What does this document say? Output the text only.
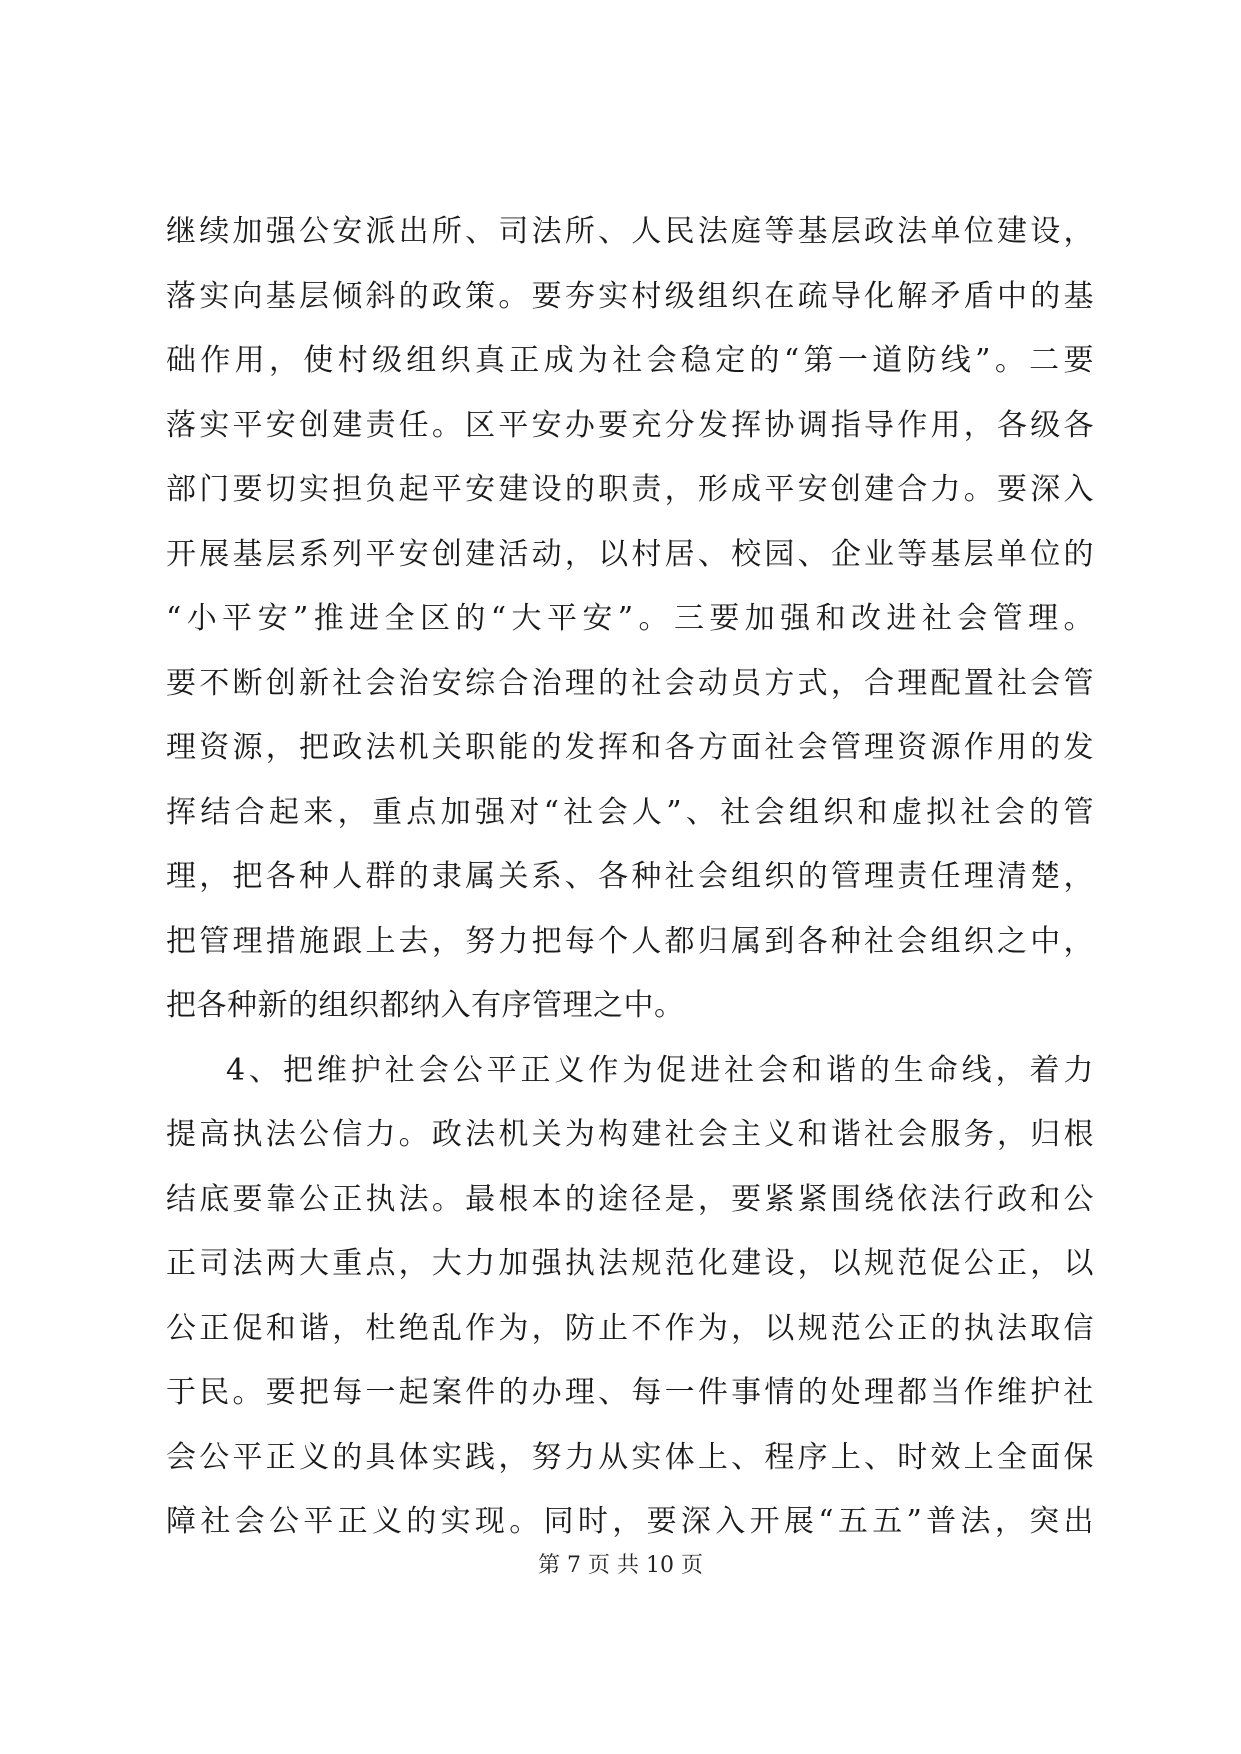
继续加强公安派出所、司法所、人民法庭等基层政法单位建设，
落实向基层倾斜的政策。要夯实村级组织在疏导化解矛盾中的基
础作用，使村级组织真正成为社会稳定的“第一道防线”。二要
落实平安创建责任。区平安办要充分发挥协调指导作用，各级各
部门要切实担负起平安建设的职责，形成平安创建合力。要深入
开展基层系列平安创建活动，以村居、校园、企业等基层单位的
“小平安”推进全区的“大平安”。三要加强和改进社会管理。
要不断创新社会治安综合治理的社会动员方式，合理配置社会管
理资源，把政法机关职能的发挥和各方面社会管理资源作用的发
挥结合起来，重点加强对“社会人”、社会组织和虚拟社会的管
理，把各种人群的隶属关系、各种社会组织的管理责任理清楚，
把管理措施跟上去，努力把每个人都归属到各种社会组织之中，
把各种新的组织都纳入有序管理之中。
4、把维护社会公平正义作为促进社会和谐的生命线，着力
提高执法公信力。政法机关为构建社会主义和谐社会服务，归根
结底要靠公正执法。最根本的途径是，要紧紧围绕依法行政和公
正司法两大重点，大力加强执法规范化建设，以规范促公正，以
公正促和谐，杜绝乱作为，防止不作为，以规范公正的执法取信
于民。要把每一起案件的办理、每一件事情的处理都当作维护社
会公平正义的具体实践，努力从实体上、程序上、时效上全面保
障社会公平正义的实现。同时，要深入开展“五五”普法，突出
第 7 页 共 10 页
